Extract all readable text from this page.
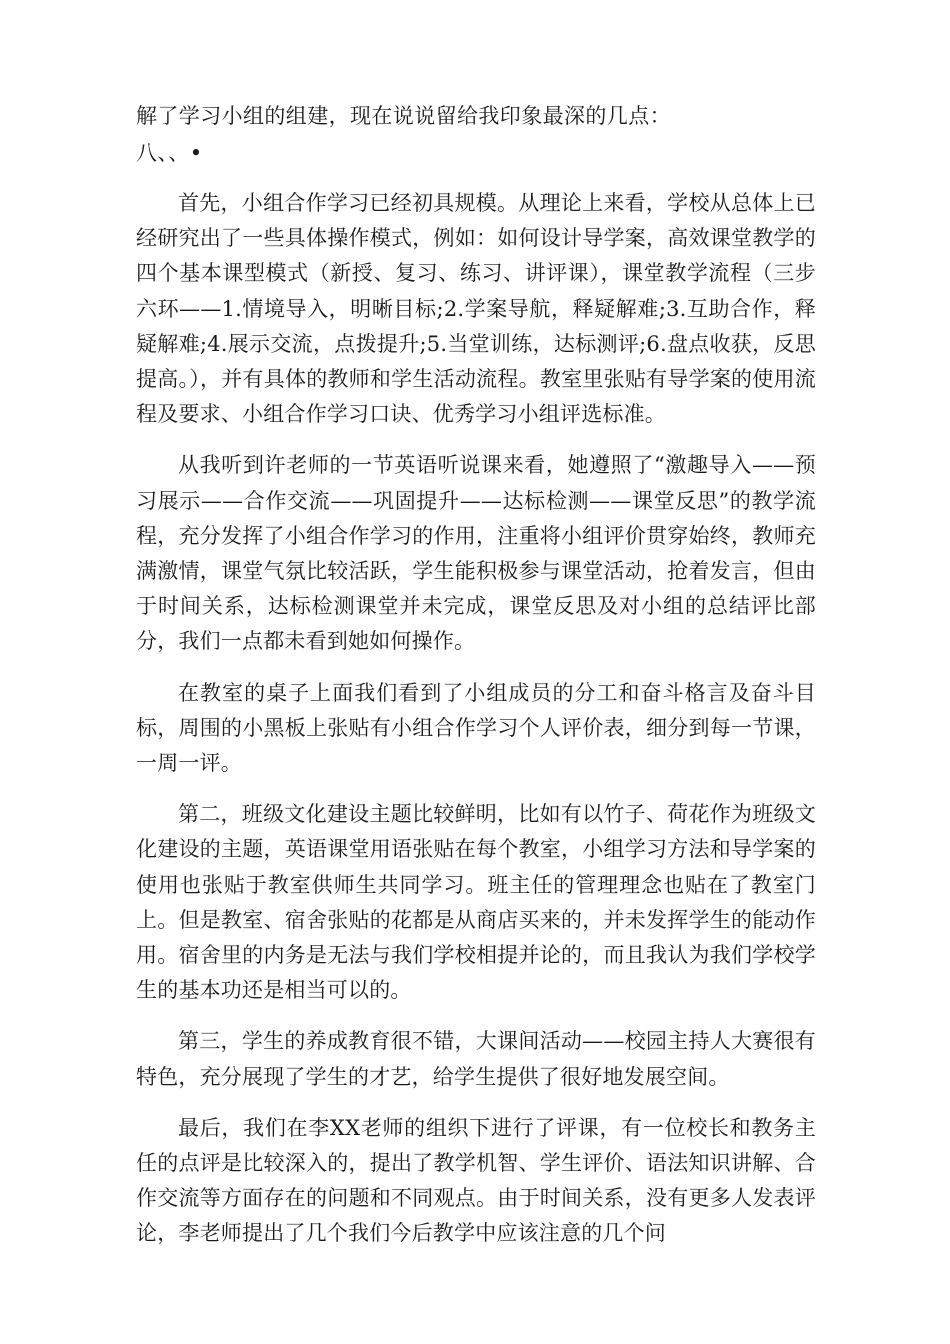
解了学习小组的组建，现在说说留给我印象最深的几点：
八、、•

首先，小组合作学习已经初具规模。从理论上来看，学校从总体上已经研究出了一些具体操作模式，例如：如何设计导学案，高效课堂教学的四个基本课型模式（新授、复习、练习、讲评课），课堂教学流程（三步六环——1.情境导入，明晰目标;2.学案导航，释疑解难;3.互助合作，释疑解难;4.展示交流，点拨提升;5.当堂训练，达标测评;6.盘点收获，反思提高。），并有具体的教师和学生活动流程。教室里张贴有导学案的使用流程及要求、小组合作学习口诀、优秀学习小组评选标准。

从我听到许老师的一节英语听说课来看，她遵照了“激趣导入——预习展示——合作交流——巩固提升——达标检测——课堂反思”的教学流程，充分发挥了小组合作学习的作用，注重将小组评价贯穿始终，教师充满激情，课堂气氛比较活跃，学生能积极参与课堂活动，抢着发言，但由于时间关系，达标检测课堂并未完成，课堂反思及对小组的总结评比部分，我们一点都未看到她如何操作。

在教室的桌子上面我们看到了小组成员的分工和奋斗格言及奋斗目标，周围的小黑板上张贴有小组合作学习个人评价表，细分到每一节课，一周一评。

第二，班级文化建设主题比较鲜明，比如有以竹子、荷花作为班级文化建设的主题，英语课堂用语张贴在每个教室，小组学习方法和导学案的使用也张贴于教室供师生共同学习。班主任的管理理念也贴在了教室门上。但是教室、宿舍张贴的花都是从商店买来的，并未发挥学生的能动作用。宿舍里的内务是无法与我们学校相提并论的，而且我认为我们学校学生的基本功还是相当可以的。

第三，学生的养成教育很不错，大课间活动——校园主持人大赛很有特色，充分展现了学生的才艺，给学生提供了很好地发展空间。

最后，我们在李XX老师的组织下进行了评课，有一位校长和教务主任的点评是比较深入的，提出了教学机智、学生评价、语法知识讲解、合作交流等方面存在的问题和不同观点。由于时间关系，没有更多人发表评论，李老师提出了几个我们今后教学中应该注意的几个问
